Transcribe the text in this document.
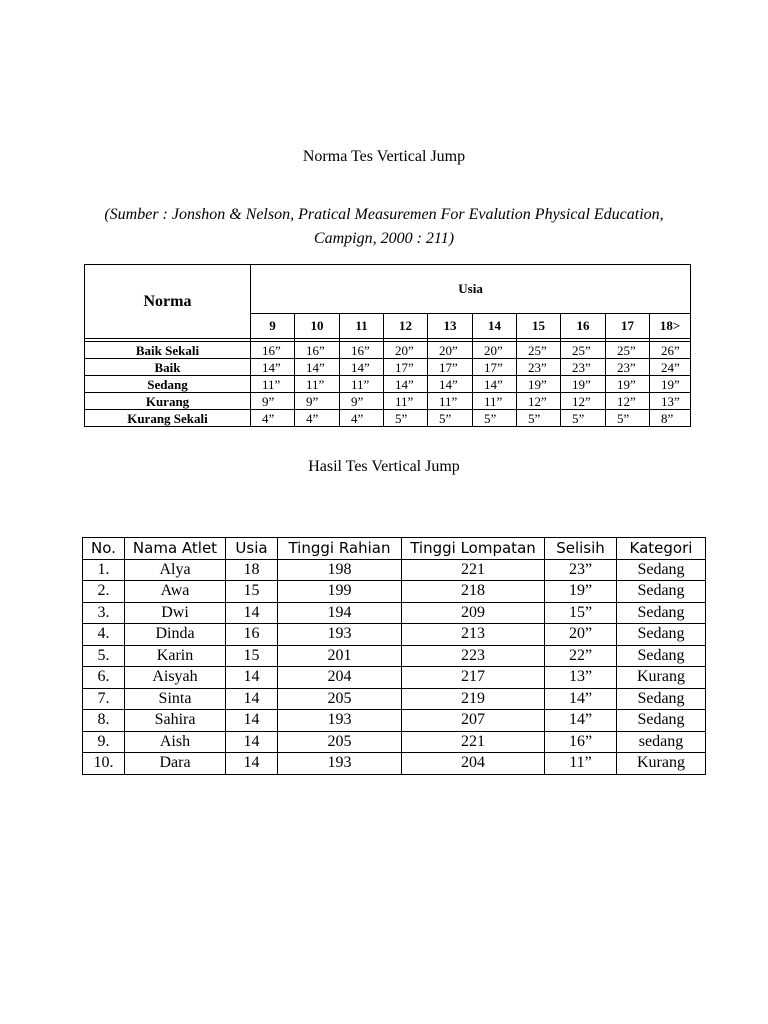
Norma Tes Vertical Jump
(Sumber : Jonshon & Nelson, Pratical Measuremen For Evalution Physical Education, Campign, 2000 : 211)
Norma	Usia									
	9	10	11	12	13	14	15	16	17	18>

Baik Sekali	16”	16”	16”	20”	20”	20”	25”	25”	25”	26”
Baik	14”	14”	14”	17”	17”	17”	23”	23”	23”	24”
Sedang	11”	11”	11”	14”	14”	14”	19”	19”	19”	19”
Kurang	9”	9”	9”	11”	11”	11”	12”	12”	12”	13”
Kurang Sekali	4”	4”	4”	5”	5”	5”	5”	5”	5”	8”
Hasil Tes Vertical Jump
No.	Nama Atlet	Usia	Tinggi Rahian	Tinggi Lompatan	Selisih	Kategori
1.	Alya	18	198	221	23”	Sedang
2.	Awa	15	199	218	19”	Sedang
3.	Dwi	14	194	209	15”	Sedang
4.	Dinda	16	193	213	20”	Sedang
5.	Karin	15	201	223	22”	Sedang
6.	Aisyah	14	204	217	13”	Kurang
7.	Sinta	14	205	219	14”	Sedang
8.	Sahira	14	193	207	14”	Sedang
9.	Aish	14	205	221	16”	sedang
10.	Dara	14	193	204	11”	Kurang
